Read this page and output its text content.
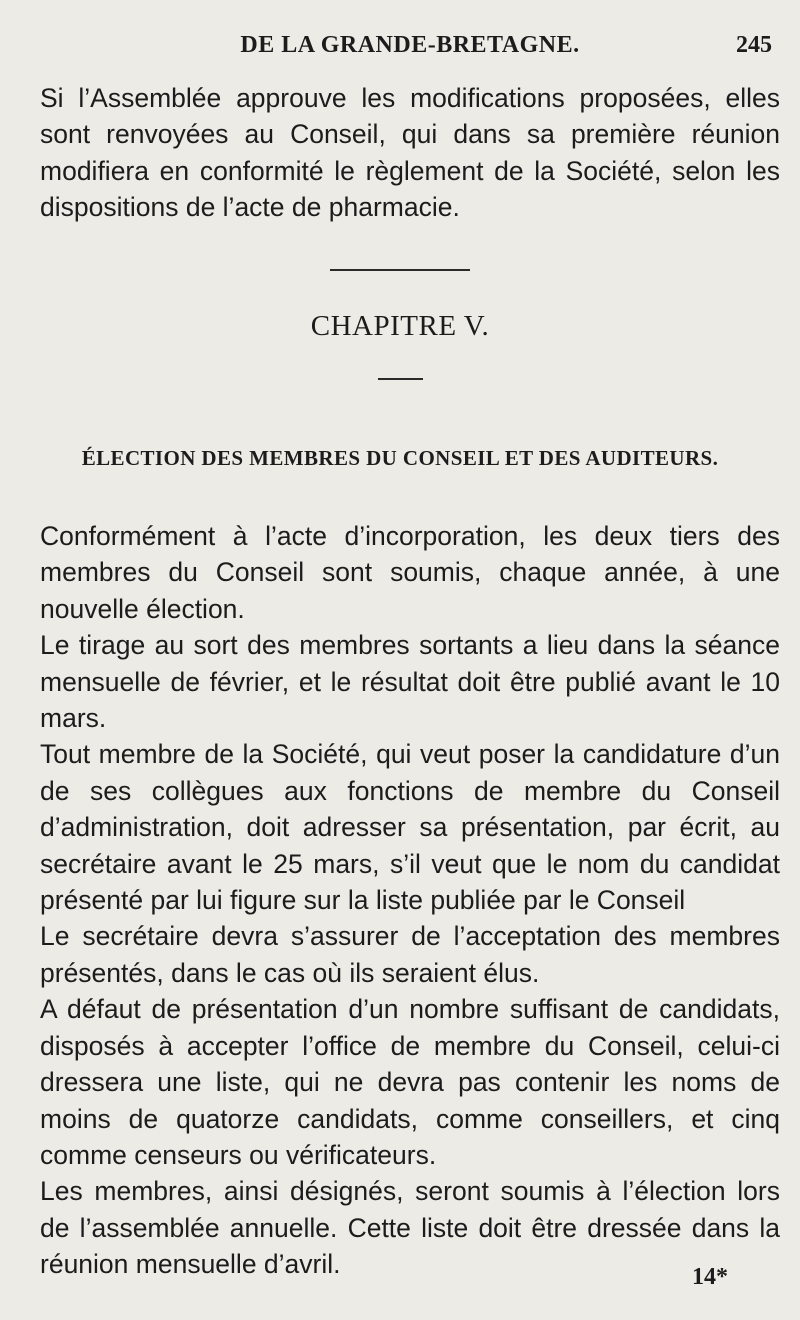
DE LA GRANDE-BRETAGNE.	245
Si l’Assemblée approuve les modifications proposées, elles sont renvoyées au Conseil, qui dans sa première réunion modifiera en conformité le règlement de la Société, selon les dispositions de l’acte de pharmacie.
CHAPITRE V.
ÉLECTION DES MEMBRES DU CONSEIL ET DES AUDITEURS.
Conformément à l’acte d’incorporation, les deux tiers des membres du Conseil sont soumis, chaque année, à une nouvelle élection.
Le tirage au sort des membres sortants a lieu dans la séance mensuelle de février, et le résultat doit être publié avant le 10 mars.
Tout membre de la Société, qui veut poser la candidature d’un de ses collègues aux fonctions de membre du Conseil d’administration, doit adresser sa présentation, par écrit, au secrétaire avant le 25 mars, s’il veut que le nom du candidat présenté par lui figure sur la liste publiée par le Conseil
Le secrétaire devra s’assurer de l’acceptation des membres présentés, dans le cas où ils seraient élus.
A défaut de présentation d’un nombre suffisant de candidats, disposés à accepter l’office de membre du Conseil, celui-ci dressera une liste, qui ne devra pas contenir les noms de moins de quatorze candidats, comme conseillers, et cinq comme censeurs ou vérificateurs.
Les membres, ainsi désignés, seront soumis à l’élection lors de l’assemblée annuelle. Cette liste doit être dressée dans la réunion mensuelle d’avril.	14*
